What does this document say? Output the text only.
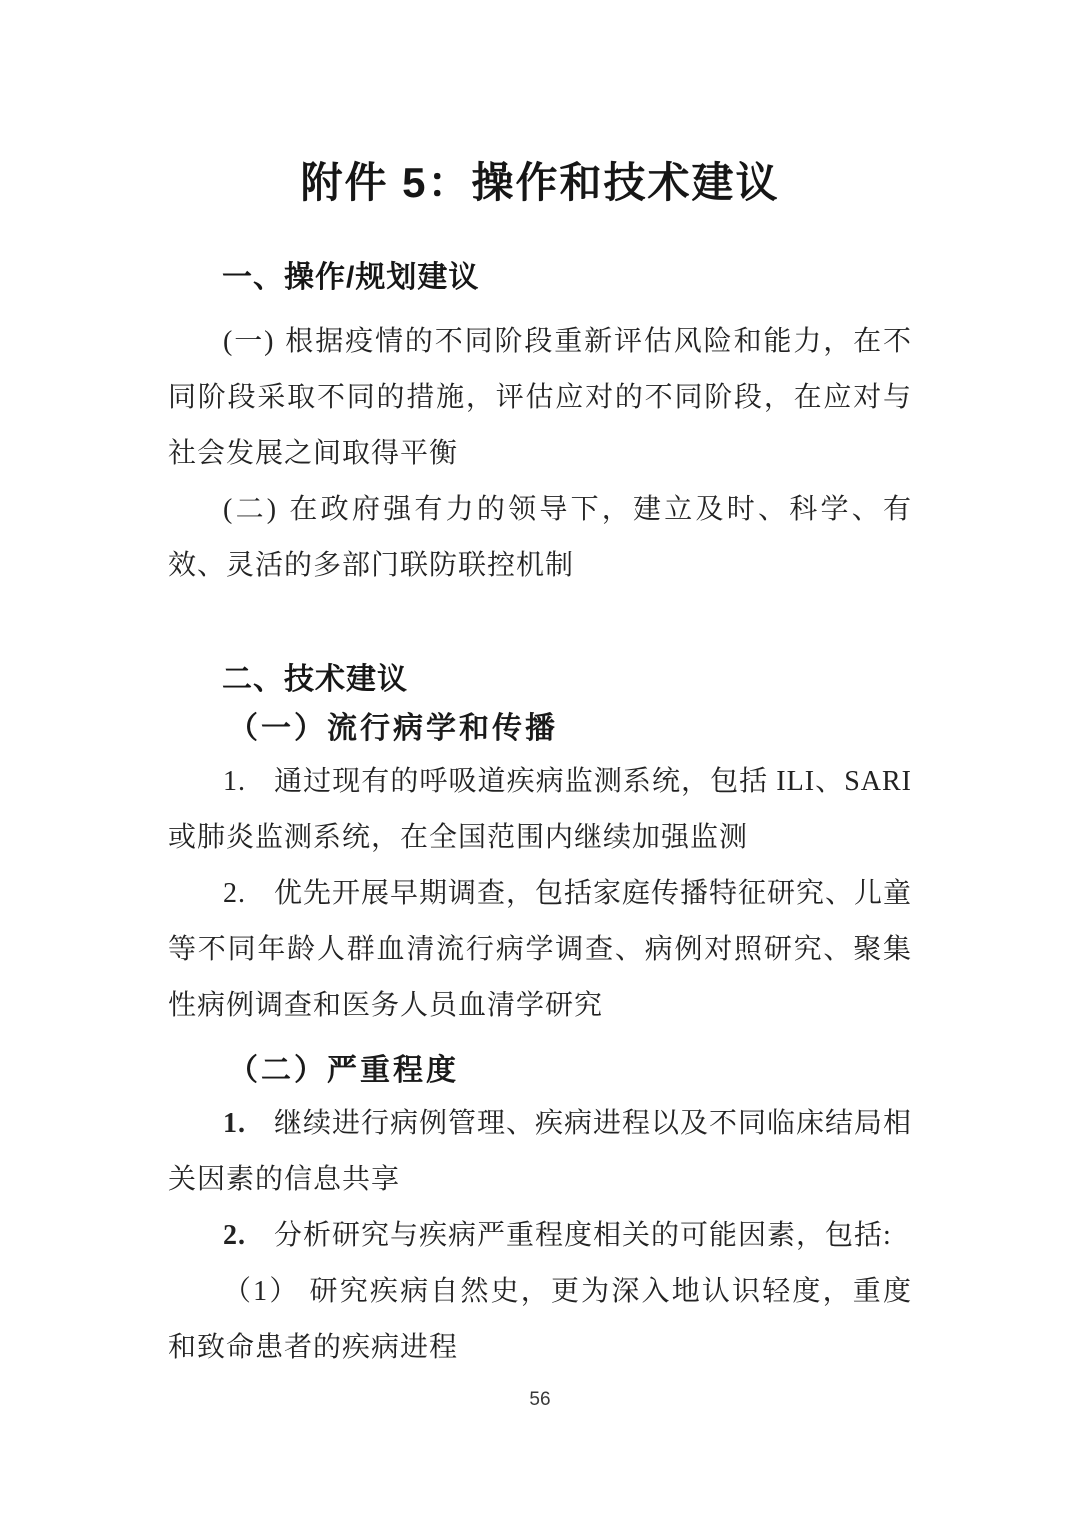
附件 5：操作和技术建议
一、操作/规划建议

(一) 根据疫情的不同阶段重新评估风险和能力，在不同阶段采取不同的措施，评估应对的不同阶段，在应对与社会发展之间取得平衡

(二) 在政府强有力的领导下，建立及时、科学、有效、灵活的多部门联防联控机制

二、技术建议
（一）流行病学和传播

1. 通过现有的呼吸道疾病监测系统，包括 ILI、SARI 或肺炎监测系统，在全国范围内继续加强监测

2. 优先开展早期调查，包括家庭传播特征研究、儿童等不同年龄人群血清流行病学调查、病例对照研究、聚集性病例调查和医务人员血清学研究

（二）严重程度

1. 继续进行病例管理、疾病进程以及不同临床结局相关因素的信息共享

2. 分析研究与疾病严重程度相关的可能因素，包括:

（1） 研究疾病自然史，更为深入地认识轻度，重度和致命患者的疾病进程

56
